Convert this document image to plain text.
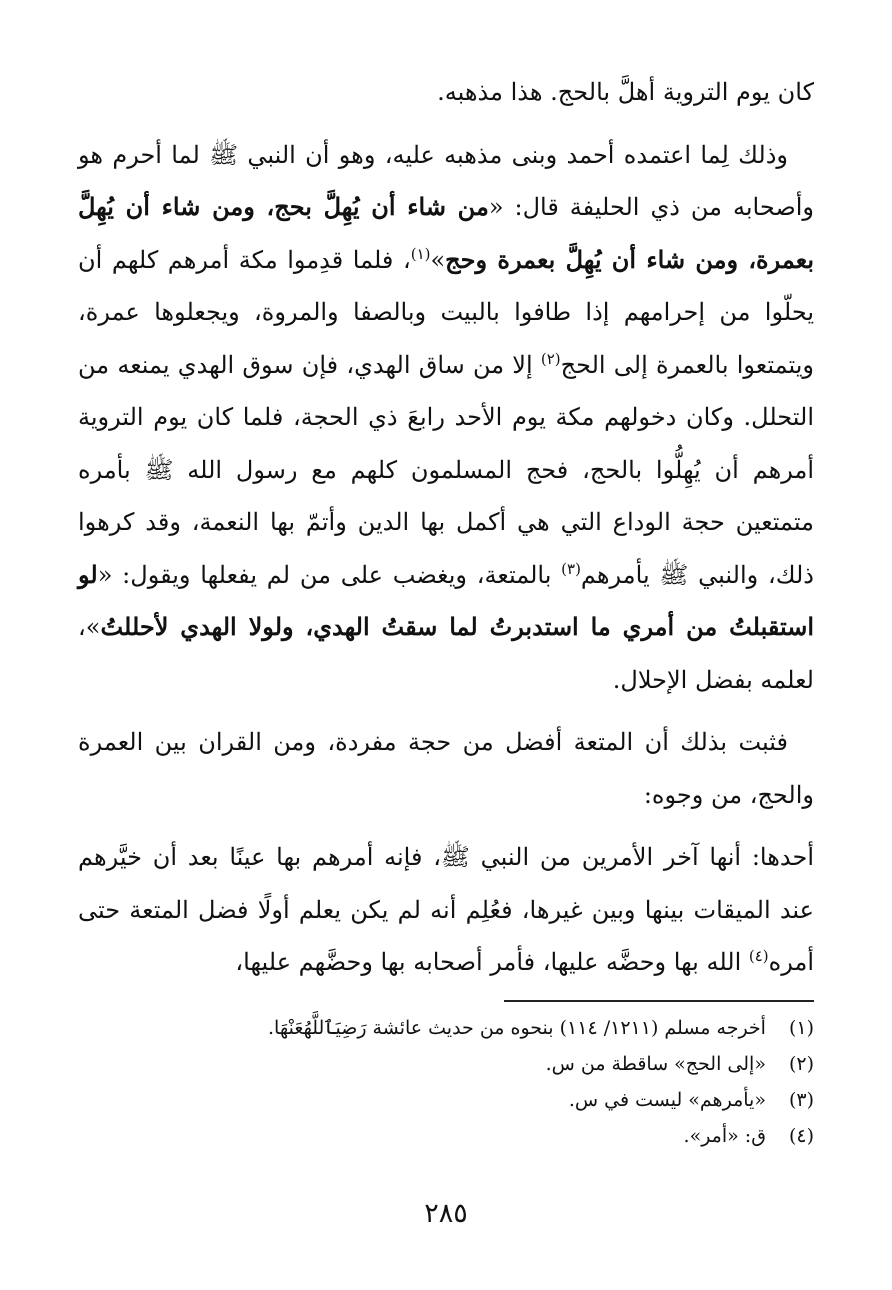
كان يوم التروية أهلَّ بالحج. هذا مذهبه.

وذلك لِما اعتمده أحمد وبنى مذهبه عليه، وهو أن النبي ﷺ لما أحرم هو وأصحابه من ذي الحليفة قال: «من شاء أن يُهِلَّ بحج، ومن شاء أن يُهِلَّ بعمرة، ومن شاء أن يُهِلَّ بعمرة وحج»$^{(١)}$، فلما قدِموا مكة أمرهم كلهم أن يحلّوا من إحرامهم إذا طافوا بالبيت وبالصفا والمروة، ويجعلوها عمرة، ويتمتعوا بالعمرة إلى الحج$^{(٢)}$ إلا من ساق الهدي، فإن سوق الهدي يمنعه من التحلل. وكان دخولهم مكة يوم الأحد رابعَ ذي الحجة، فلما كان يوم التروية أمرهم أن يُهِلُّوا بالحج، فحج المسلمون كلهم مع رسول الله ﷺ بأمره متمتعين حجة الوداع التي هي أكمل بها الدين وأتمّ بها النعمة، وقد كرهوا ذلك، والنبي ﷺ يأمرهم$^{(٣)}$ بالمتعة، ويغضب على من لم يفعلها ويقول: «لو استقبلتُ من أمري ما استدبرتُ لما سقتُ الهدي، ولولا الهدي لأحللتُ»، لعلمه بفضل الإحلال.

فثبت بذلك أن المتعة أفضل من حجة مفردة، ومن القران بين العمرة والحج، من وجوه:

أحدها: أنها آخر الأمرين من النبي ﷺ، فإنه أمرهم بها عينًا بعد أن خيَّرهم عند الميقات بينها وبين غيرها، فعُلِم أنه لم يكن يعلم أولًا فضل المتعة حتى أمره$^{(٤)}$ الله بها وحضَّه عليها، فأمر أصحابه بها وحضَّهم عليها،

(١) أخرجه مسلم (١٢١١/ ١١٤) بنحوه من حديث عائشة رَضِيَٱللَّهُعَنْهَا.
(٢) «إلى الحج» ساقطة من س.
(٣) «يأمرهم» ليست في س.
(٤) ق: «أمر».
٢٨٥
